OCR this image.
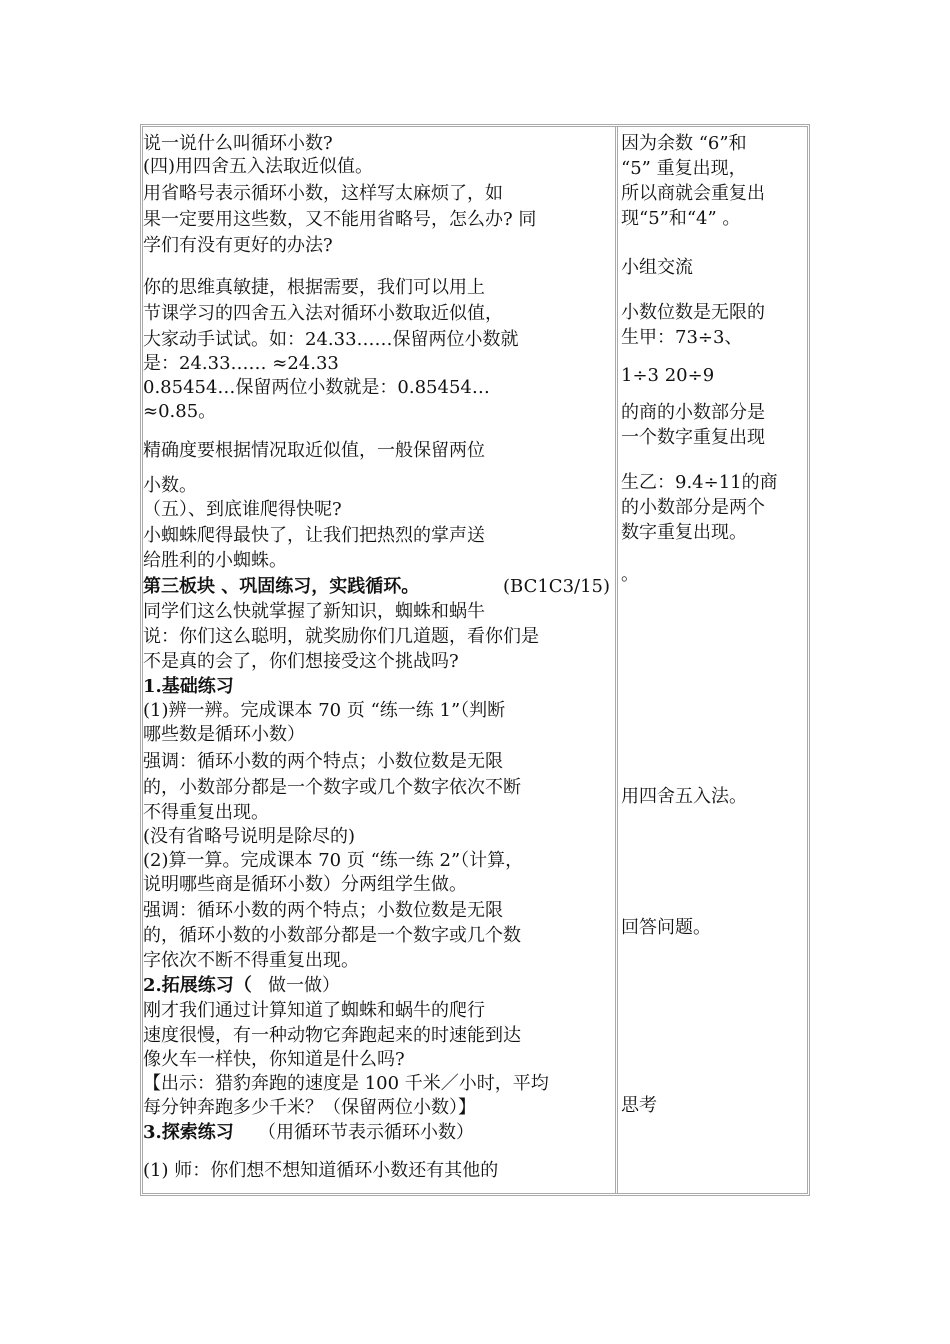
说一说什么叫循环小数?
(四)用四舍五入法取近似值。
用省略号表示循环小数，这样写太麻烦了，如
果一定要用这些数，又不能用省略号，怎么办? 同
学们有没有更好的办法?
你的思维真敏捷，根据需要，我们可以用上
节课学习的四舍五入法对循环小数取近似值，
大家动手试试。如：24.33……保留两位小数就
是：24.33…… ≈24.33
0.85454…保留两位小数就是：0.85454…
≈0.85。
精确度要根据情况取近似值，一般保留两位
小数。
（五）、到底谁爬得快呢?
小蜘蛛爬得最快了，让我们把热烈的掌声送
给胜利的小蜘蛛。
第三板块 、巩固练习，实践循环。	(BC1C3/15)
同学们这么快就掌握了新知识，蜘蛛和蜗牛
说：你们这么聪明，就奖励你们几道题，看你们是
不是真的会了，你们想接受这个挑战吗?
1.基础练习
(1)辨一辨。完成课本 70 页 “练一练 1”（判断
哪些数是循环小数）
强调：循环小数的两个特点；小数位数是无限
的，小数部分都是一个数字或几个数字依次不断
不得重复出现。
(没有省略号说明是除尽的)
(2)算一算。完成课本 70 页 “练一练 2”（计算，
说明哪些商是循环小数）分两组学生做。
强调：循环小数的两个特点；小数位数是无限
的，循环小数的小数部分都是一个数字或几个数
字依次不断不得重复出现。
2.拓展练习（ 做一做）
刚才我们通过计算知道了蜘蛛和蜗牛的爬行
速度很慢，有一种动物它奔跑起来的时速能到达
像火车一样快，你知道是什么吗?
【出示：猎豹奔跑的速度是 100 千米／小时，平均
每分钟奔跑多少千米？（保留两位小数）】
3.探索练习 （用循环节表示循环小数）
(1) 师：你们想不想知道循环小数还有其他的
因为余数 “6”和
“5” 重复出现，
所以商就会重复出
现“5”和“4” 。
小组交流
小数位数是无限的
生甲：73÷3、
1÷3 20÷9
的商的小数部分是
一个数字重复出现
生乙：9.4÷11的商
的小数部分是两个
数字重复出现。
。
用四舍五入法。
回答问题。
思考
